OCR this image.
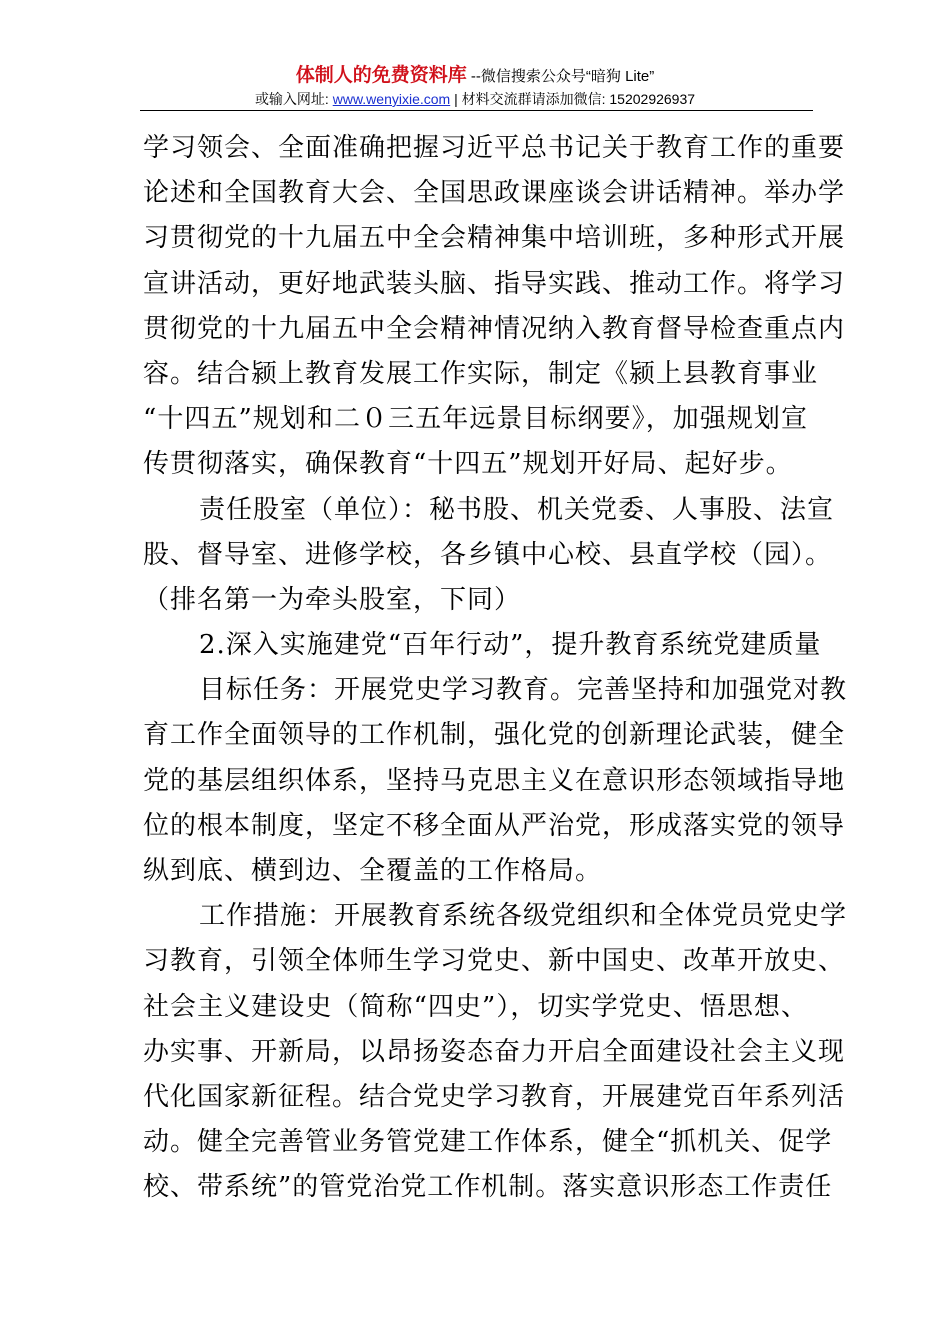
体制人的免费资料库 --微信搜索公众号“暗狗 Lite”
或输入网址: www.wenyixie.com | 材料交流群请添加微信: 15202926937
学习领会、全面准确把握习近平总书记关于教育工作的重要
论述和全国教育大会、全国思政课座谈会讲话精神。举办学
习贯彻党的十九届五中全会精神集中培训班，多种形式开展
宣讲活动，更好地武装头脑、指导实践、推动工作。将学习
贯彻党的十九届五中全会精神情况纳入教育督导检查重点内
容。结合颍上教育发展工作实际，制定《颍上县教育事业
“十四五”规划和二０三五年远景目标纲要》，加强规划宣
传贯彻落实，确保教育“十四五”规划开好局、起好步。
责任股室（单位）：秘书股、机关党委、人事股、法宣
股、督导室、进修学校，各乡镇中心校、县直学校（园）。
（排名第一为牵头股室，下同）
2.深入实施建党“百年行动”，提升教育系统党建质量
目标任务：开展党史学习教育。完善坚持和加强党对教
育工作全面领导的工作机制，强化党的创新理论武装，健全
党的基层组织体系，坚持马克思主义在意识形态领域指导地
位的根本制度，坚定不移全面从严治党，形成落实党的领导
纵到底、横到边、全覆盖的工作格局。
工作措施：开展教育系统各级党组织和全体党员党史学
习教育，引领全体师生学习党史、新中国史、改革开放史、
社会主义建设史（简称“四史”），切实学党史、悟思想、
办实事、开新局，以昂扬姿态奋力开启全面建设社会主义现
代化国家新征程。结合党史学习教育，开展建党百年系列活
动。健全完善管业务管党建工作体系，健全“抓机关、促学
校、带系统”的管党治党工作机制。落实意识形态工作责任
